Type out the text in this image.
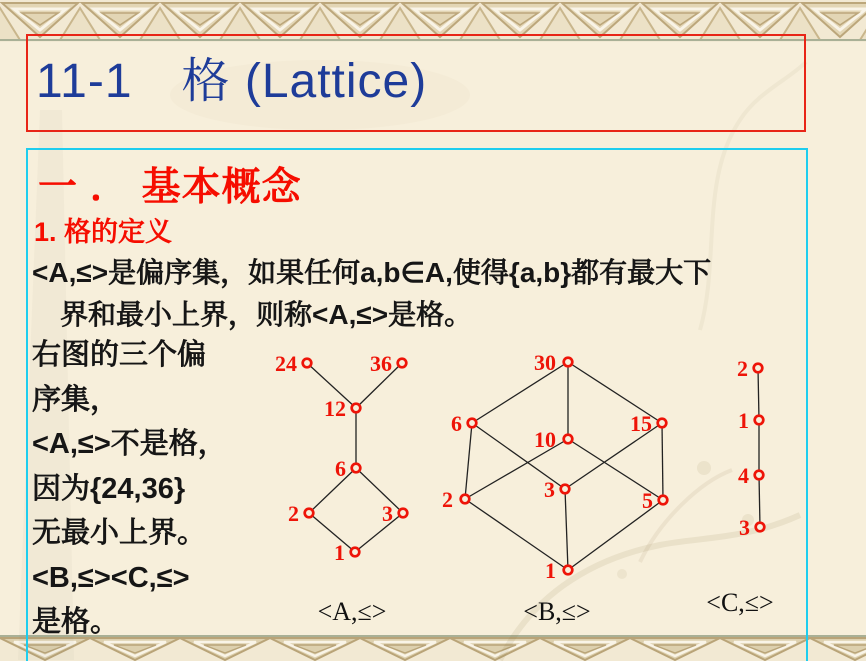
11-1　格 (Lattice)
一 ． 基本概念
1. 格的定义
<A,≤>是偏序集，如果任何a,b∈A,使得{a,b}都有最大下
界和最小上界，则称<A,≤>是格。
右图的三个偏
序集，
<A,≤>不是格，
因为{24,36}
无最小上界。
<B,≤><C,≤>
是格。
24	36
12
6
2	3
1
<A,≤>
30
6
10
15
2	3	5
1
<B,≤>
2
1
4
3
<C,≤>
